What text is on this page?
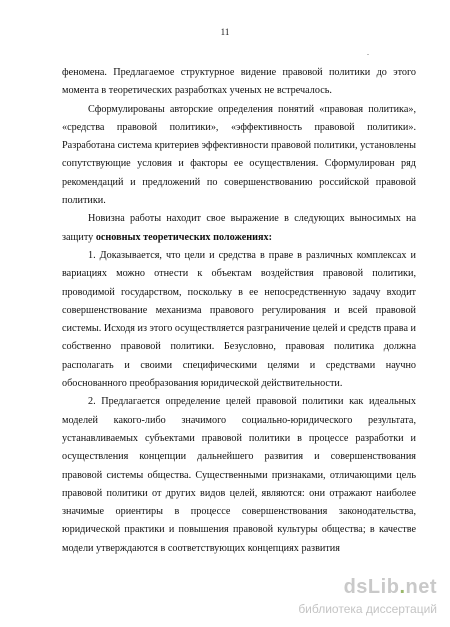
11
.

феномена. Предлагаемое структурное видение правовой политики до этого момента в теоретических разработках ученых не встречалось.

Сформулированы авторские определения понятий «правовая политика», «средства правовой политики», «эффективность правовой политики». Разработана система критериев эффективности правовой политики, установлены сопутствующие условия и факторы ее осуществления. Сформулирован ряд рекомендаций и предложений по совершенствованию российской правовой политики.

Новизна работы находит свое выражение в следующих выносимых на защиту основных теоретических положениях:

1. Доказывается, что цели и средства в праве в различных комплексах и вариациях можно отнести к объектам воздействия правовой политики, проводимой государством, поскольку в ее непосредственную задачу входит совершенствование механизма правового регулирования и всей правовой системы. Исходя из этого осуществляется разграничение целей и средств права и собственно правовой политики. Безусловно, правовая политика должна располагать и своими специфическими целями и средствами научно обоснованного преобразования юридической действительности.

2. Предлагается определение целей правовой политики как идеальных моделей какого-либо значимого социально-юридического результата, устанавливаемых субъектами правовой политики в процессе разработки и осуществления концепции дальнейшего развития и совершенствования правовой системы общества. Существенными признаками, отличающими цель правовой политики от других видов целей, являются: они отражают наиболее значимые ориентиры в процессе совершенствования законодательства, юридической практики и повышения правовой культуры общества; в качестве модели утверждаются в соответствующих концепциях развития

dsLib.net
библиотека диссертаций
